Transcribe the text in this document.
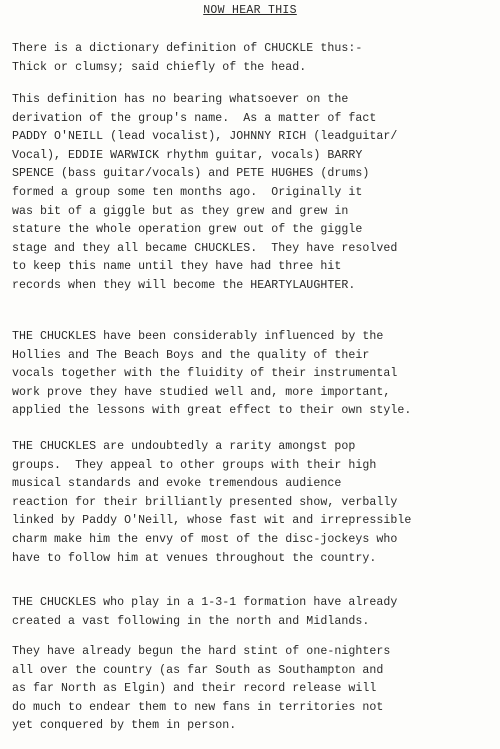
NOW HEAR THIS
There is a dictionary definition of CHUCKLE thus:-
Thick or clumsy; said chiefly of the head.
This definition has no bearing whatsoever on the
derivation of the group's name.  As a matter of fact
PADDY O'NEILL (lead vocalist), JOHNNY RICH (leadguitar/
Vocal), EDDIE WARWICK rhythm guitar, vocals) BARRY
SPENCE (bass guitar/vocals) and PETE HUGHES (drums)
formed a group some ten months ago.  Originally it
was bit of a giggle but as they grew and grew in
stature the whole operation grew out of the giggle
stage and they all became CHUCKLES.  They have resolved
to keep this name until they have had three hit
records when they will become the HEARTYLAUGHTER.
THE CHUCKLES have been considerably influenced by the
Hollies and The Beach Boys and the quality of their
vocals together with the fluidity of their instrumental
work prove they have studied well and, more important,
applied the lessons with great effect to their own style.
THE CHUCKLES are undoubtedly a rarity amongst pop
groups.  They appeal to other groups with their high
musical standards and evoke tremendous audience
reaction for their brilliantly presented show, verbally
linked by Paddy O'Neill, whose fast wit and irrepressible
charm make him the envy of most of the disc-jockeys who
have to follow him at venues throughout the country.
THE CHUCKLES who play in a 1-3-1 formation have already
created a vast following in the north and Midlands.
They have already begun the hard stint of one-nighters
all over the country (as far South as Southampton and
as far North as Elgin) and their record release will
do much to endear them to new fans in territories not
yet conquered by them in person.
